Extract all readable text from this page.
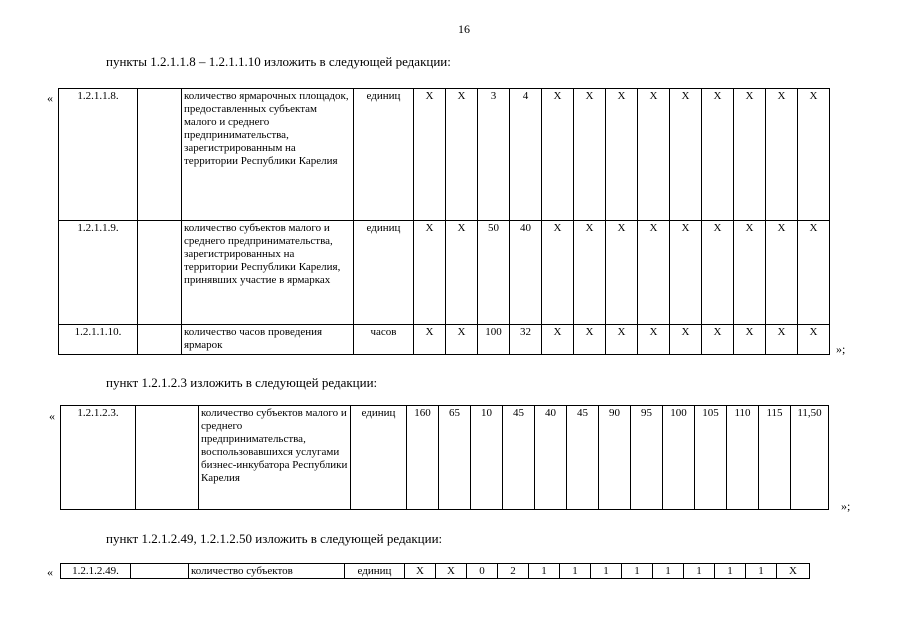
16
пункты 1.2.1.1.8 – 1.2.1.1.10 изложить в следующей редакции:
« 1.2.1.1.8.		количество ярмарочных площадок, предоставленных субъектам малого и среднего предпринимательства, зарегистрированным на территории Республики Карелия	единиц	X	X	3	4	X	X	X	X	X	X	X	X	X
1.2.1.1.9.		количество субъектов малого и среднего предпринимательства, зарегистрированных на территории Республики Карелия, принявших участие в ярмарках	единиц	X	X	50	40	X	X	X	X	X	X	X	X	X
1.2.1.1.10.		количество часов проведения ярмарок	часов	X	X	100	32	X	X	X	X	X	X	X	X	X
»;
пункт 1.2.1.2.3 изложить в следующей редакции:
« 1.2.1.2.3.		количество субъектов малого и среднего предпринимательства, воспользовавшихся услугами бизнес-инкубатора Республики Карелия	единиц	160	65	10	45	40	45	90	95	100	105	110	115	11,50
»;
пункт 1.2.1.2.49, 1.2.1.2.50 изложить в следующей редакции:
« 1.2.1.2.49.		количество субъектов	единиц	X	X	0	2	1	1	1	1	1	1	1	1	X
